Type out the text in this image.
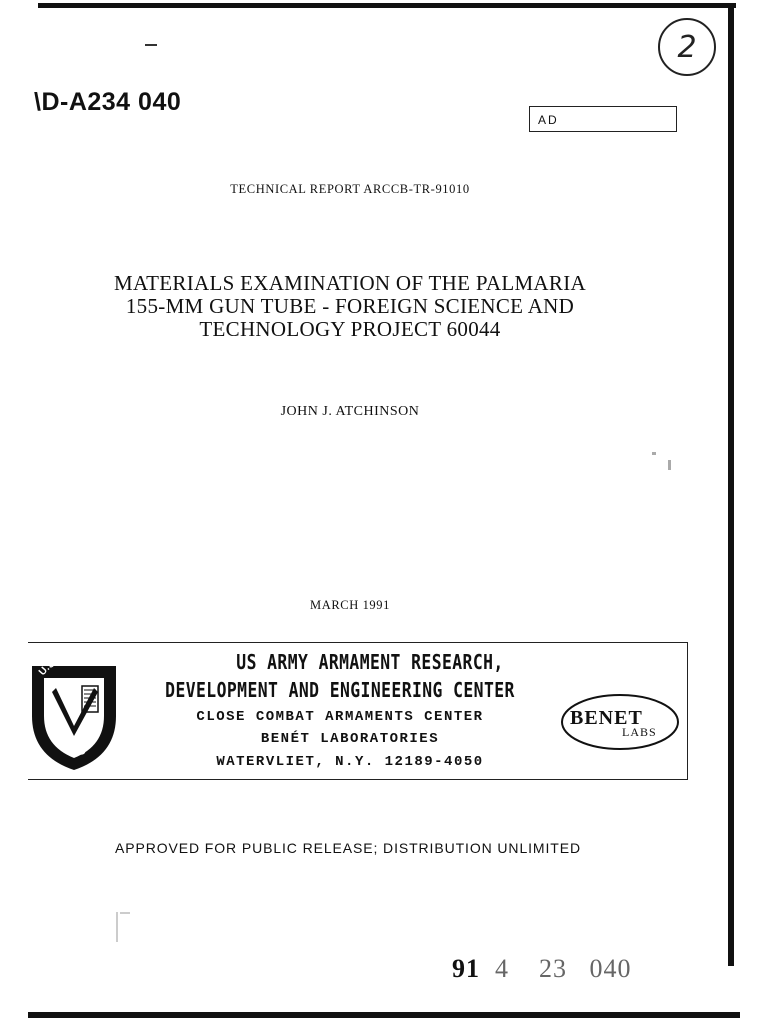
2
\D-A234 040
AD
TECHNICAL REPORT ARCCB-TR-91010
MATERIALS EXAMINATION OF THE PALMARIA
155-MM GUN TUBE - FOREIGN SCIENCE AND
TECHNOLOGY PROJECT 60044
JOHN J. ATCHINSON
MARCH 1991
U.S. ARMY
ARDEC
US ARMY ARMAMENT RESEARCH,
DEVELOPMENT AND ENGINEERING CENTER
CLOSE COMBAT ARMAMENTS CENTER
BENÉT LABORATORIES
WATERVLIET, N.Y. 12189-4050
BENET
LABS
APPROVED FOR PUBLIC RELEASE; DISTRIBUTION UNLIMITED
91 4 23 040
